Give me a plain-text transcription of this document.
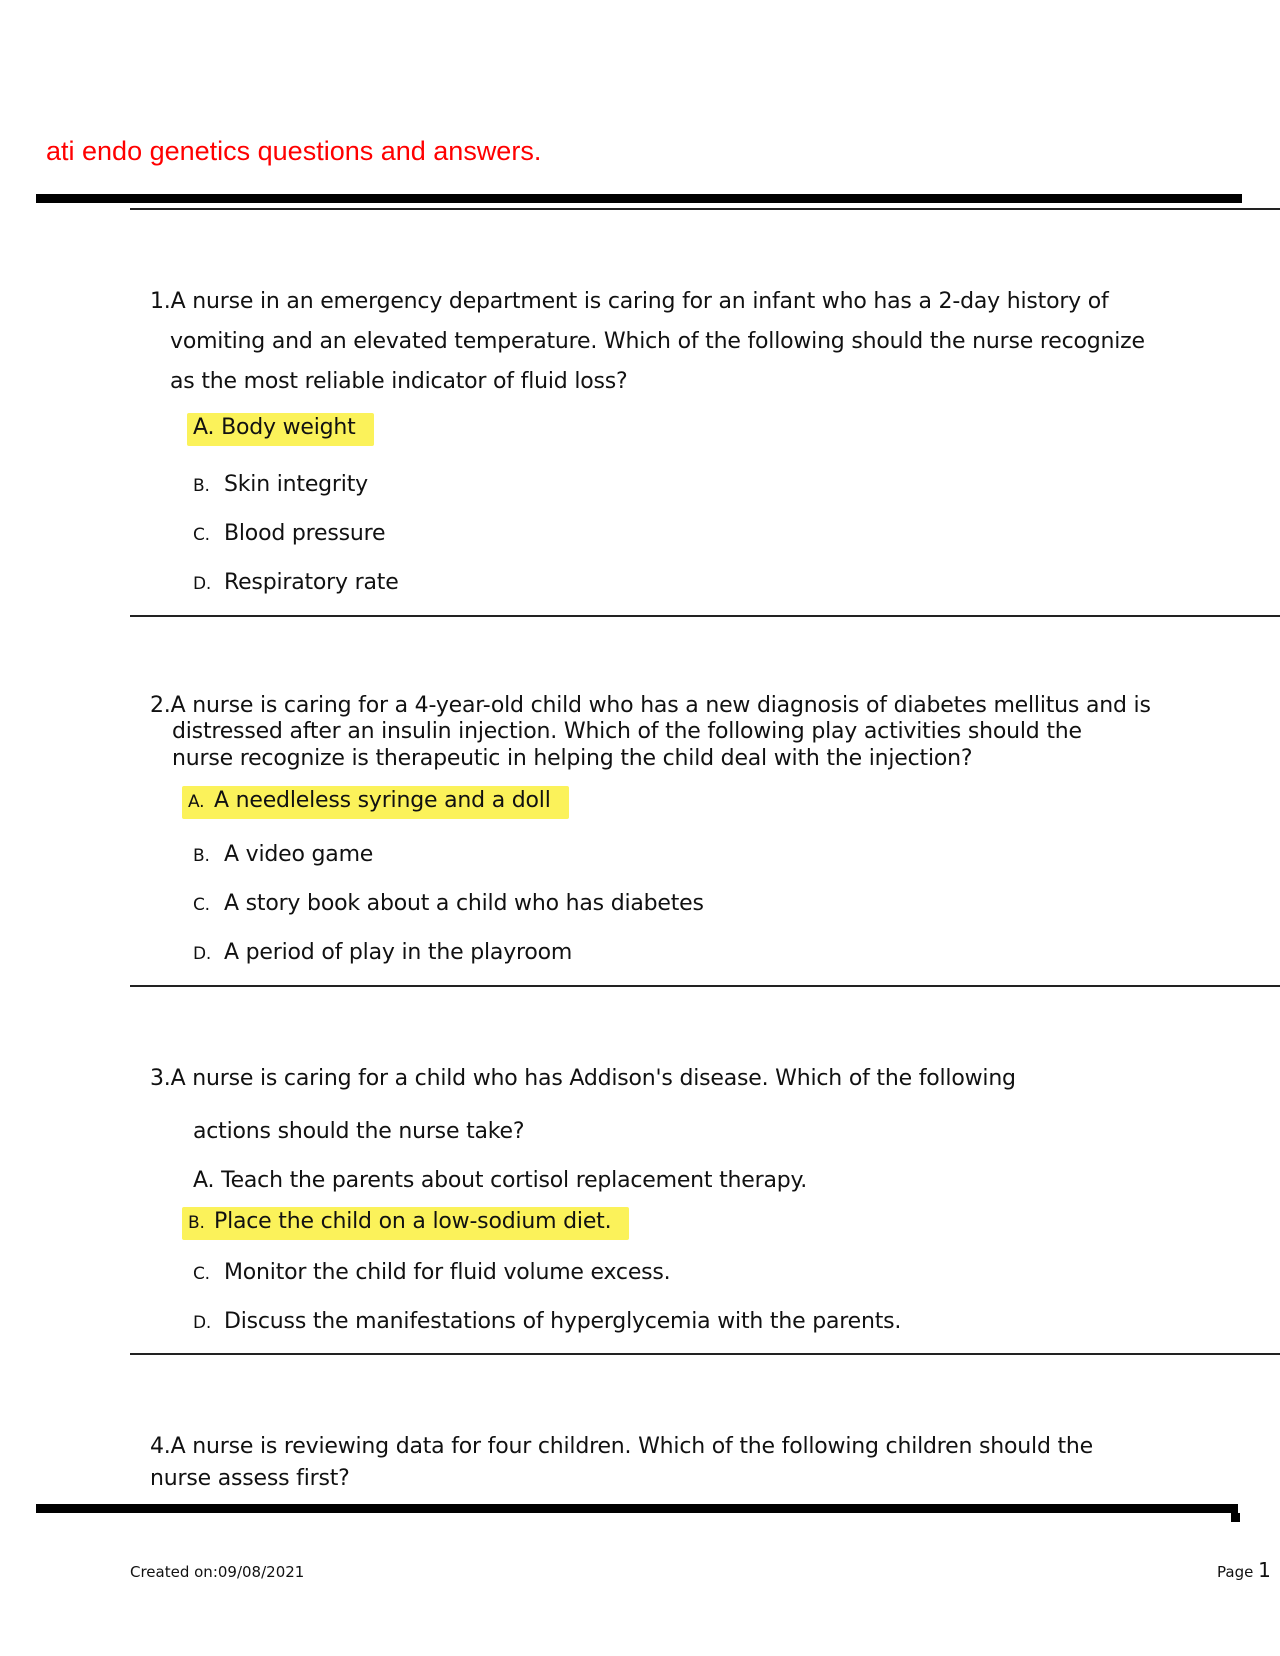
ati endo genetics questions and answers.
1.A nurse in an emergency department is caring for an infant who has a 2-day history of
vomiting and an elevated temperature. Which of the following should the nurse recognize
as the most reliable indicator of fluid loss?
A. Body weight
B. Skin integrity
C. Blood pressure
D. Respiratory rate
2.A nurse is caring for a 4-year-old child who has a new diagnosis of diabetes mellitus and is
distressed after an insulin injection. Which of the following play activities should the
nurse recognize is therapeutic in helping the child deal with the injection?
A. A needleless syringe and a doll
B. A video game
C. A story book about a child who has diabetes
D. A period of play in the playroom
3.A nurse is caring for a child who has Addison's disease. Which of the following
actions should the nurse take?
A. Teach the parents about cortisol replacement therapy.
B. Place the child on a low-sodium diet.
C. Monitor the child for fluid volume excess.
D. Discuss the manifestations of hyperglycemia with the parents.
4.A nurse is reviewing data for four children. Which of the following children should the
nurse assess first?
Created on:09/08/2021	Page 1
